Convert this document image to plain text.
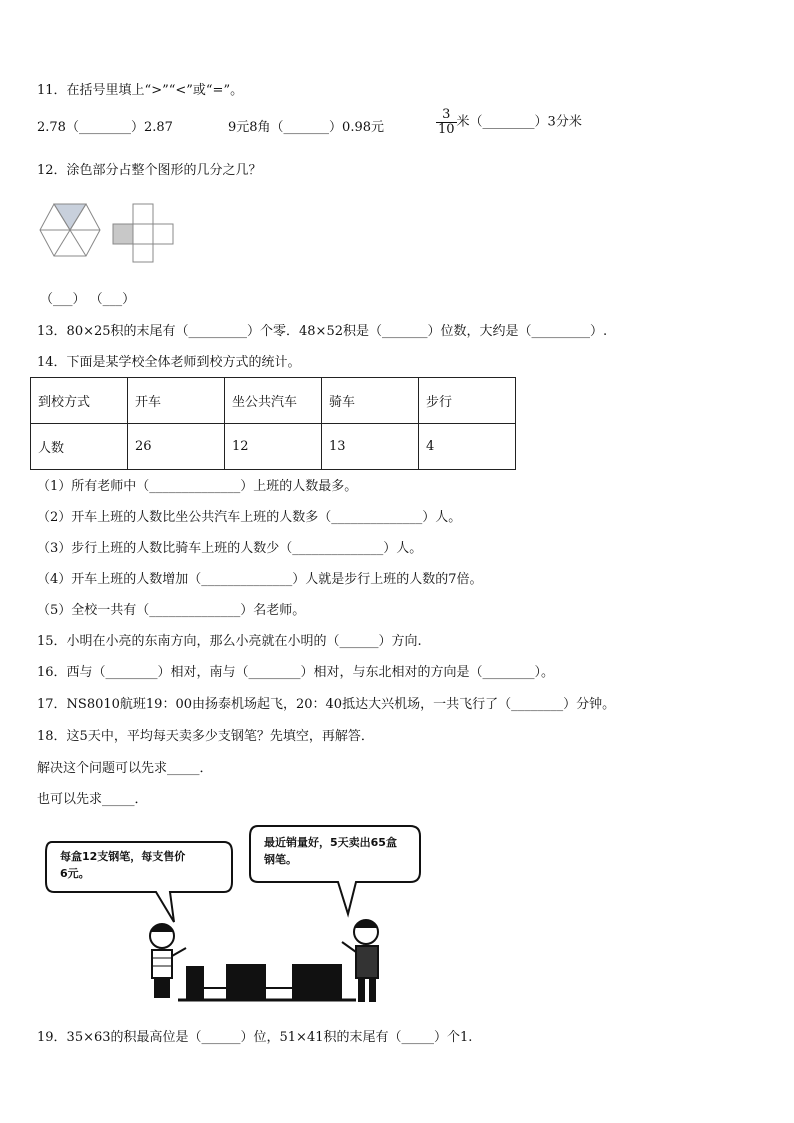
11．在括号里填上“>”“<”或“=”。
2.78（________）2.87	9元8角（_______）0.98元	$\frac{3}{10}$ 米（________）3分米
12．涂色部分占整个图形的几分之几？
（___） （___）
13．80×25积的末尾有（_________）个零．48×52积是（_______）位数，大约是（_________）.
14．下面是某学校全体老师到校方式的统计。
到校方式	开车	坐公共汽车	骑车	步行
人数	26	12	13	4
（1）所有老师中（______________）上班的人数最多。
（2）开车上班的人数比坐公共汽车上班的人数多（______________）人。
（3）步行上班的人数比骑车上班的人数少（______________）人。
（4）开车上班的人数增加（______________）人就是步行上班的人数的7倍。
（5）全校一共有（______________）名老师。
15．小明在小亮的东南方向，那么小亮就在小明的（______）方向.
16．西与（________）相对，南与（________）相对，与东北相对的方向是（________）。
17．NS8010航班19：00由扬泰机场起飞，20：40抵达大兴机场，一共飞行了（________）分钟。
18．这5天中，平均每天卖多少支钢笔？先填空，再解答．
解决这个问题可以先求_____．
也可以先求_____．
每盒12支钢笔，每支售价
6元。
最近销量好，5天卖出65盒
钢笔。
19．35×63的积最高位是（______）位，51×41积的末尾有（_____）个1.
